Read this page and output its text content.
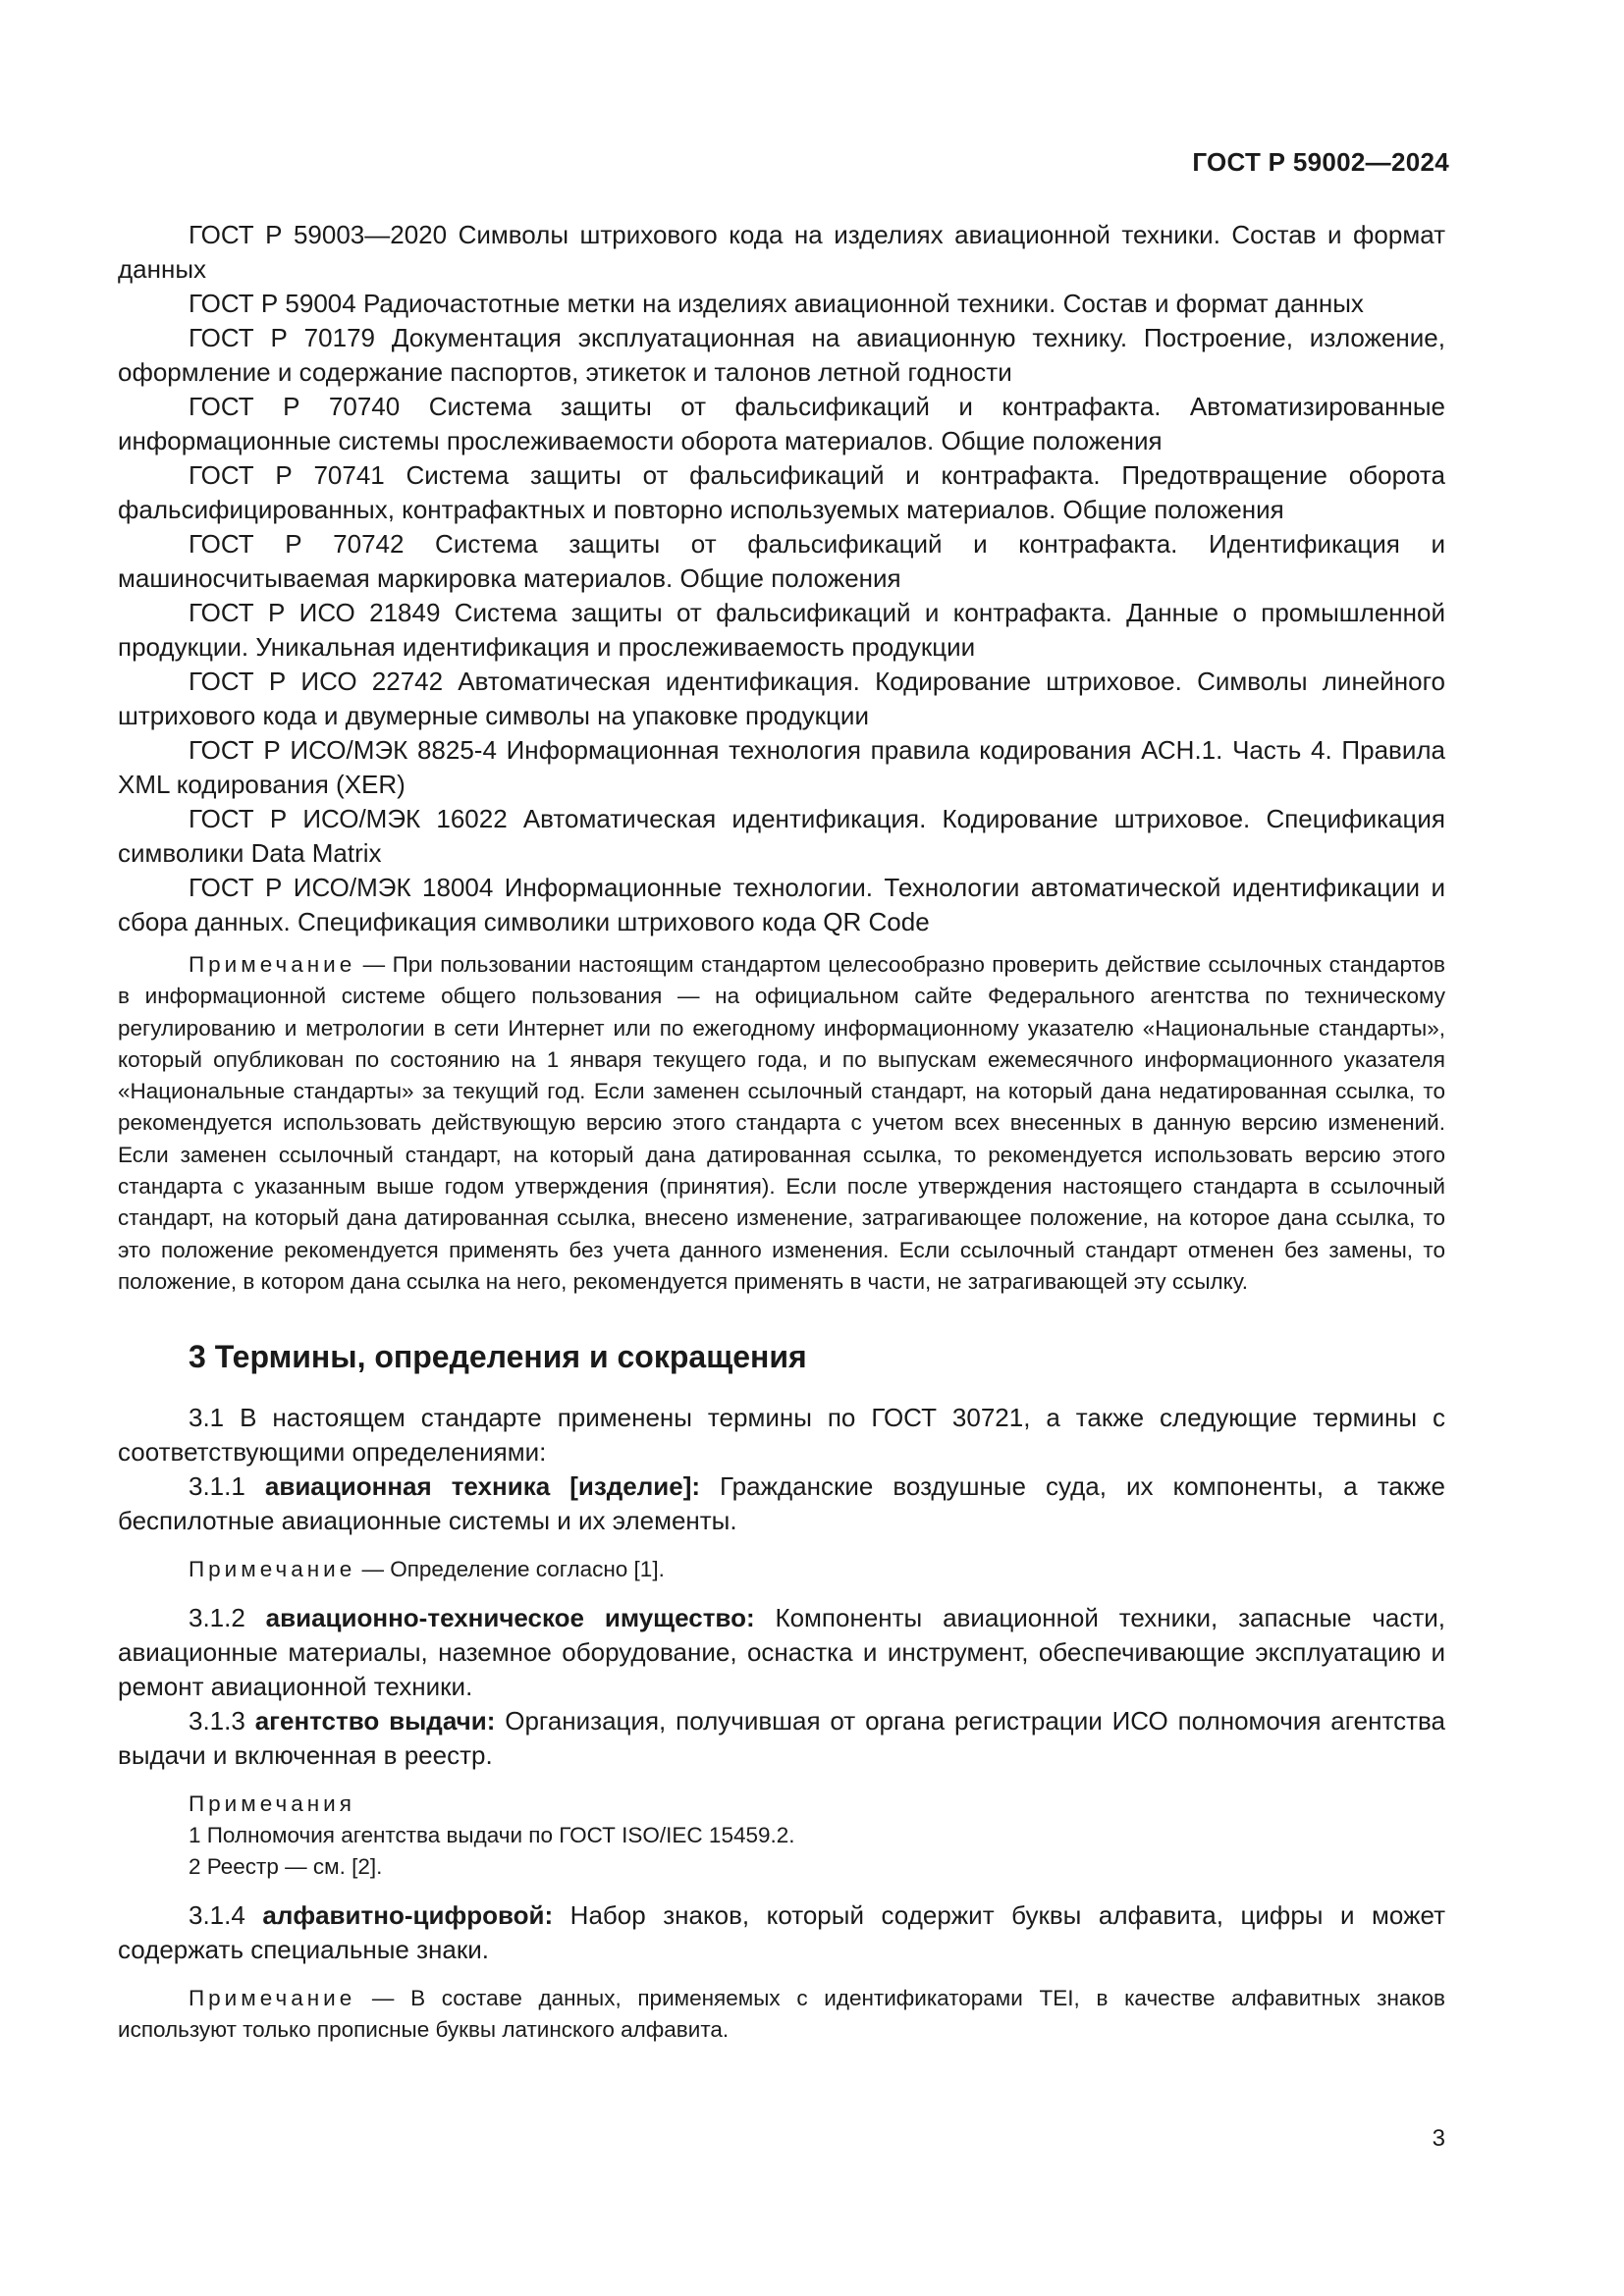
ГОСТ Р 59002—2024

ГОСТ Р 59003—2020 Символы штрихового кода на изделиях авиационной техники. Состав и формат данных

ГОСТ Р 59004 Радиочастотные метки на изделиях авиационной техники. Состав и формат данных

ГОСТ Р 70179 Документация эксплуатационная на авиационную технику. Построение, изложение, оформление и содержание паспортов, этикеток и талонов летной годности

ГОСТ Р 70740 Система защиты от фальсификаций и контрафакта. Автоматизированные информационные системы прослеживаемости оборота материалов. Общие положения

ГОСТ Р 70741 Система защиты от фальсификаций и контрафакта. Предотвращение оборота фальсифицированных, контрафактных и повторно используемых материалов. Общие положения

ГОСТ Р 70742 Система защиты от фальсификаций и контрафакта. Идентификация и машиносчитываемая маркировка материалов. Общие положения

ГОСТ Р ИСО 21849 Система защиты от фальсификаций и контрафакта. Данные о промышленной продукции. Уникальная идентификация и прослеживаемость продукции

ГОСТ Р ИСО 22742 Автоматическая идентификация. Кодирование штриховое. Символы линейного штрихового кода и двумерные символы на упаковке продукции

ГОСТ Р ИСО/МЭК 8825-4 Информационная технология правила кодирования АСН.1. Часть 4. Правила XML кодирования (XER)

ГОСТ Р ИСО/МЭК 16022 Автоматическая идентификация. Кодирование штриховое. Спецификация символики Data Matrix

ГОСТ Р ИСО/МЭК 18004 Информационные технологии. Технологии автоматической идентификации и сбора данных. Спецификация символики штрихового кода QR Code

Примечание — При пользовании настоящим стандартом целесообразно проверить действие ссылочных стандартов в информационной системе общего пользования — на официальном сайте Федерального агентства по техническому регулированию и метрологии в сети Интернет или по ежегодному информационному указателю «Национальные стандарты», который опубликован по состоянию на 1 января текущего года, и по выпускам ежемесячного информационного указателя «Национальные стандарты» за текущий год. Если заменен ссылочный стандарт, на который дана недатированная ссылка, то рекомендуется использовать действующую версию этого стандарта с учетом всех внесенных в данную версию изменений. Если заменен ссылочный стандарт, на который дана датированная ссылка, то рекомендуется использовать версию этого стандарта с указанным выше годом утверждения (принятия). Если после утверждения настоящего стандарта в ссылочный стандарт, на который дана датированная ссылка, внесено изменение, затрагивающее положение, на которое дана ссылка, то это положение рекомендуется применять без учета данного изменения. Если ссылочный стандарт отменен без замены, то положение, в котором дана ссылка на него, рекомендуется применять в части, не затрагивающей эту ссылку.

3 Термины, определения и сокращения

3.1 В настоящем стандарте применены термины по ГОСТ 30721, а также следующие термины с соответствующими определениями:

3.1.1 авиационная техника [изделие]: Гражданские воздушные суда, их компоненты, а также беспилотные авиационные системы и их элементы.

Примечание — Определение согласно [1].

3.1.2 авиационно-техническое имущество: Компоненты авиационной техники, запасные части, авиационные материалы, наземное оборудование, оснастка и инструмент, обеспечивающие эксплуатацию и ремонт авиационной техники.

3.1.3 агентство выдачи: Организация, получившая от органа регистрации ИСО полномочия агентства выдачи и включенная в реестр.

Примечания

1 Полномочия агентства выдачи по ГОСТ ISO/IEC 15459.2.

2 Реестр — см. [2].

3.1.4 алфавитно-цифровой: Набор знаков, который содержит буквы алфавита, цифры и может содержать специальные знаки.

Примечание — В составе данных, применяемых с идентификаторами TEI, в качестве алфавитных знаков используют только прописные буквы латинского алфавита.

3
